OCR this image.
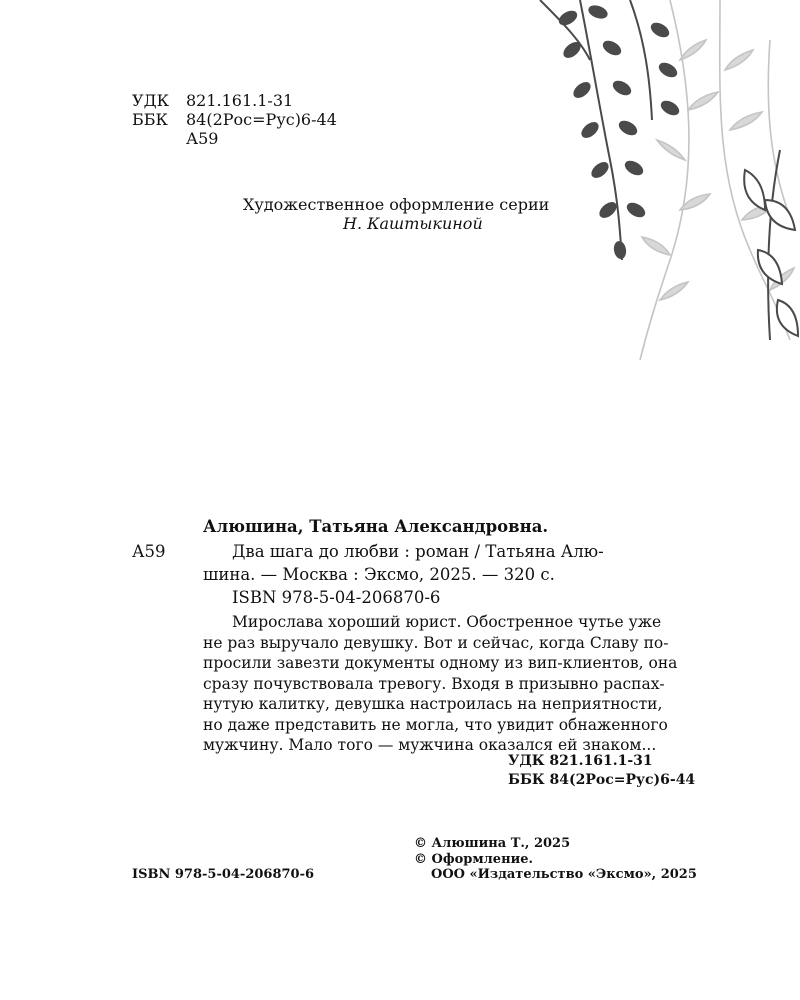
УДК 821.161.1-31
ББК 84(2Рос=Рус)6-44
А59
Художественное оформление серии
Н. Каштыкиной
Алюшина, Татьяна Александровна.
А59	Два шага до любви : роман / Татьяна Алю-
шина. — Москва : Эксмо, 2025. — 320 с.
ISBN 978-5-04-206870-6
Мирослава хороший юрист. Обостренное чутье уже
не раз выручало девушку. Вот и сейчас, когда Славу по-
просили завезти документы одному из вип-клиентов, она
сразу почувствовала тревогу. Входя в призывно распах-
нутую калитку, девушка настроилась на неприятности,
но даже представить не могла, что увидит обнаженного
мужчину. Мало того — мужчина оказался ей знаком...
УДК 821.161.1-31
ББК 84(2Рос=Рус)6-44
© Алюшина Т., 2025
© Оформление.
ООО «Издательство «Эксмо», 2025
ISBN 978-5-04-206870-6
